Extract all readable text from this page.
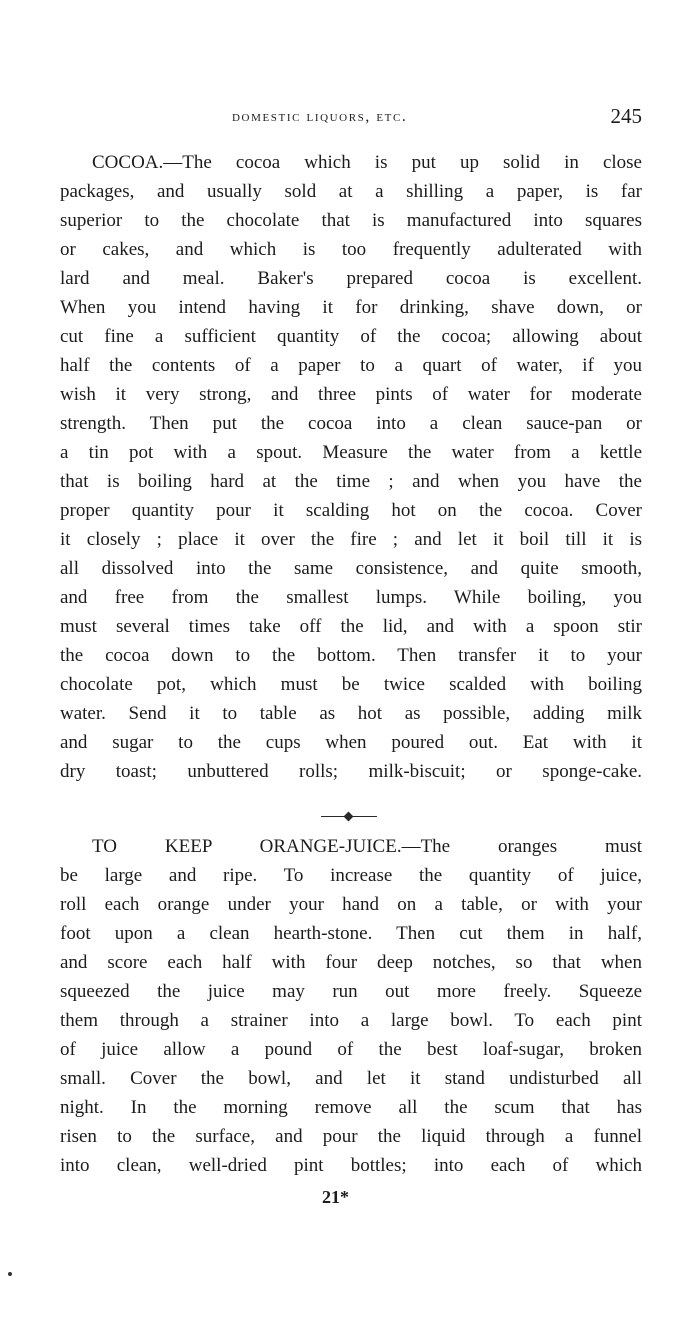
domestic liquors, etc.	245
COCOA.—The cocoa which is put up solid in close
packages, and usually sold at a shilling a paper, is far
superior to the chocolate that is manufactured into squares
or cakes, and which is too frequently adulterated with
lard and meal. Baker's prepared cocoa is excellent.
When you intend having it for drinking, shave down, or
cut fine a sufficient quantity of the cocoa; allowing about
half the contents of a paper to a quart of water, if you
wish it very strong, and three pints of water for moderate
strength. Then put the cocoa into a clean sauce-pan or
a tin pot with a spout. Measure the water from a kettle
that is boiling hard at the time ; and when you have the
proper quantity pour it scalding hot on the cocoa. Cover
it closely ; place it over the fire ; and let it boil till it is
all dissolved into the same consistence, and quite smooth,
and free from the smallest lumps. While boiling, you
must several times take off the lid, and with a spoon stir
the cocoa down to the bottom. Then transfer it to your
chocolate pot, which must be twice scalded with boiling
water. Send it to table as hot as possible, adding milk
and sugar to the cups when poured out. Eat with it
dry toast; unbuttered rolls; milk-biscuit; or sponge-cake.
TO KEEP ORANGE-JUICE.—The oranges must
be large and ripe. To increase the quantity of juice,
roll each orange under your hand on a table, or with your
foot upon a clean hearth-stone. Then cut them in half,
and score each half with four deep notches, so that when
squeezed the juice may run out more freely. Squeeze
them through a strainer into a large bowl. To each pint
of juice allow a pound of the best loaf-sugar, broken
small. Cover the bowl, and let it stand undisturbed all
night. In the morning remove all the scum that has
risen to the surface, and pour the liquid through a funnel
into clean, well-dried pint bottles; into each of which
21*
